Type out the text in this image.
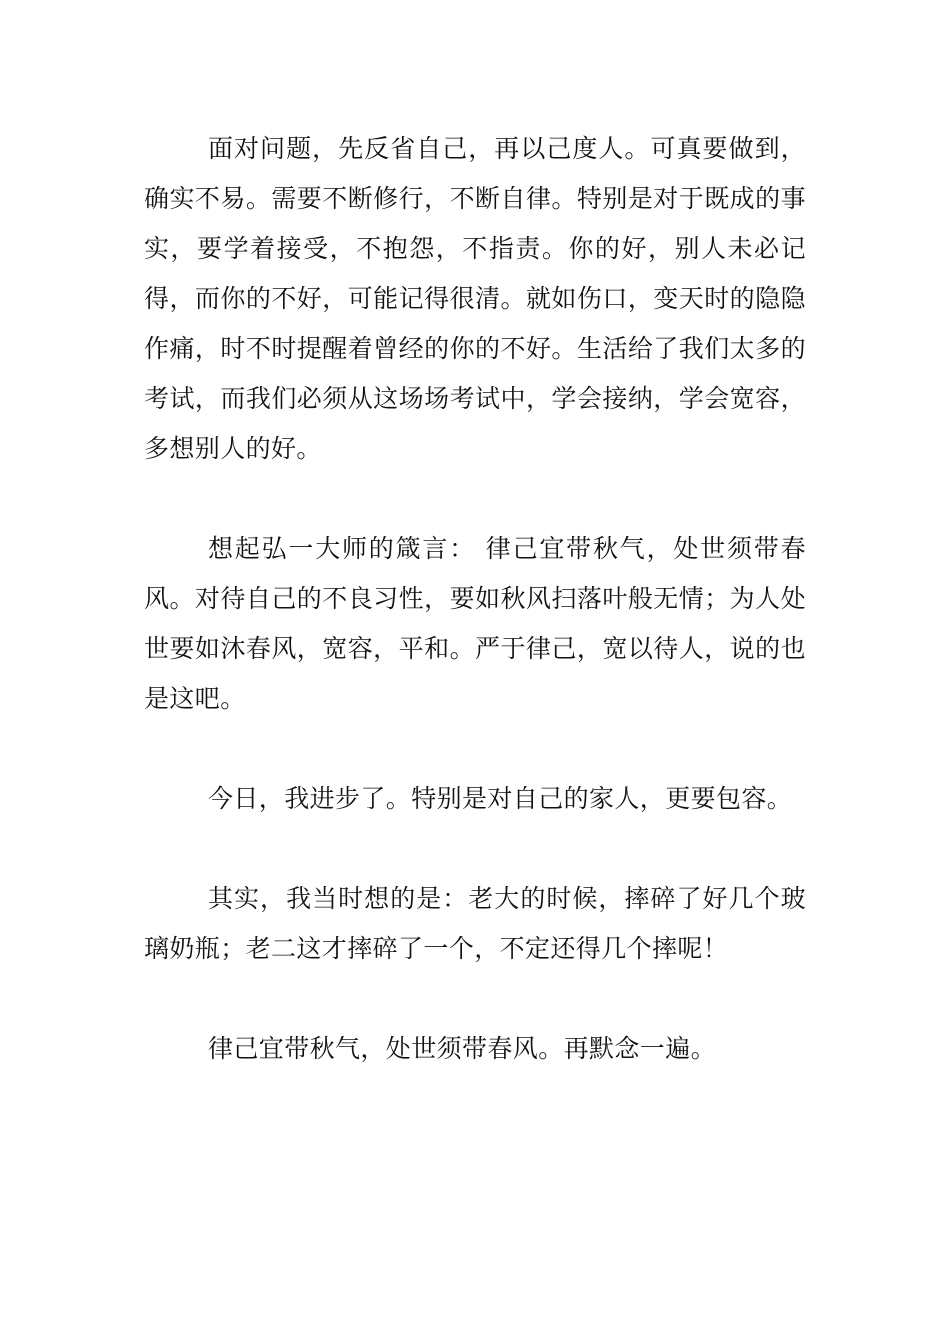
面对问题，先反省自己，再以己度人。可真要做到，确实不易。需要不断修行，不断自律。特别是对于既成的事实，要学着接受，不抱怨，不指责。你的好，别人未必记得，而你的不好，可能记得很清。就如伤口，变天时的隐隐作痛，时不时提醒着曾经的你的不好。生活给了我们太多的考试，而我们必须从这场场考试中，学会接纳，学会宽容，多想别人的好。

想起弘一大师的箴言： 律己宜带秋气，处世须带春风。对待自己的不良习性，要如秋风扫落叶般无情；为人处世要如沐春风，宽容，平和。严于律己，宽以待人，说的也是这吧。

今日，我进步了。特别是对自己的家人，更要包容。

其实，我当时想的是：老大的时候，摔碎了好几个玻璃奶瓶；老二这才摔碎了一个，不定还得几个摔呢！

律己宜带秋气，处世须带春风。再默念一遍。
